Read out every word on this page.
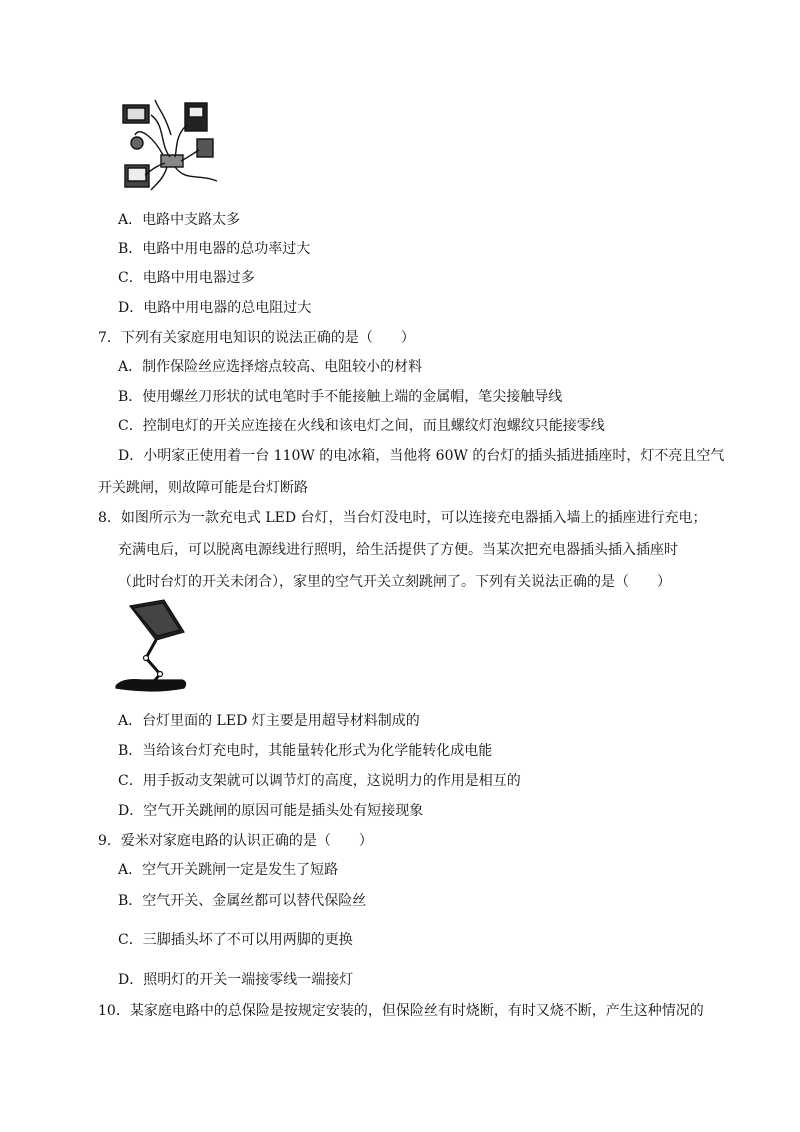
A．电路中支路太多
B．电路中用电器的总功率过大
C．电路中用电器过多
D．电路中用电器的总电阻过大
7．下列有关家庭用电知识的说法正确的是（　　）
A．制作保险丝应选择熔点较高、电阻较小的材料
B．使用螺丝刀形状的试电笔时手不能接触上端的金属帽，笔尖接触导线
C．控制电灯的开关应连接在火线和该电灯之间，而且螺纹灯泡螺纹只能接零线
D．小明家正使用着一台 110W 的电冰箱，当他将 60W 的台灯的插头插进插座时，灯不亮且空气
开关跳闸，则故障可能是台灯断路
8．如图所示为一款充电式 LED 台灯，当台灯没电时，可以连接充电器插入墙上的插座进行充电；
充满电后，可以脱离电源线进行照明，给生活提供了方便。当某次把充电器插头插入插座时
（此时台灯的开关未闭合），家里的空气开关立刻跳闸了。下列有关说法正确的是（　　）
A．台灯里面的 LED 灯主要是用超导材料制成的
B．当给该台灯充电时，其能量转化形式为化学能转化成电能
C．用手扳动支架就可以调节灯的高度，这说明力的作用是相互的
D．空气开关跳闸的原因可能是插头处有短接现象
9．爱米对家庭电路的认识正确的是（　　）
A．空气开关跳闸一定是发生了短路
B．空气开关、金属丝都可以替代保险丝
C．三脚插头坏了不可以用两脚的更换
D．照明灯的开关一端接零线一端接灯
10．某家庭电路中的总保险是按规定安装的，但保险丝有时烧断，有时又烧不断，产生这种情况的
